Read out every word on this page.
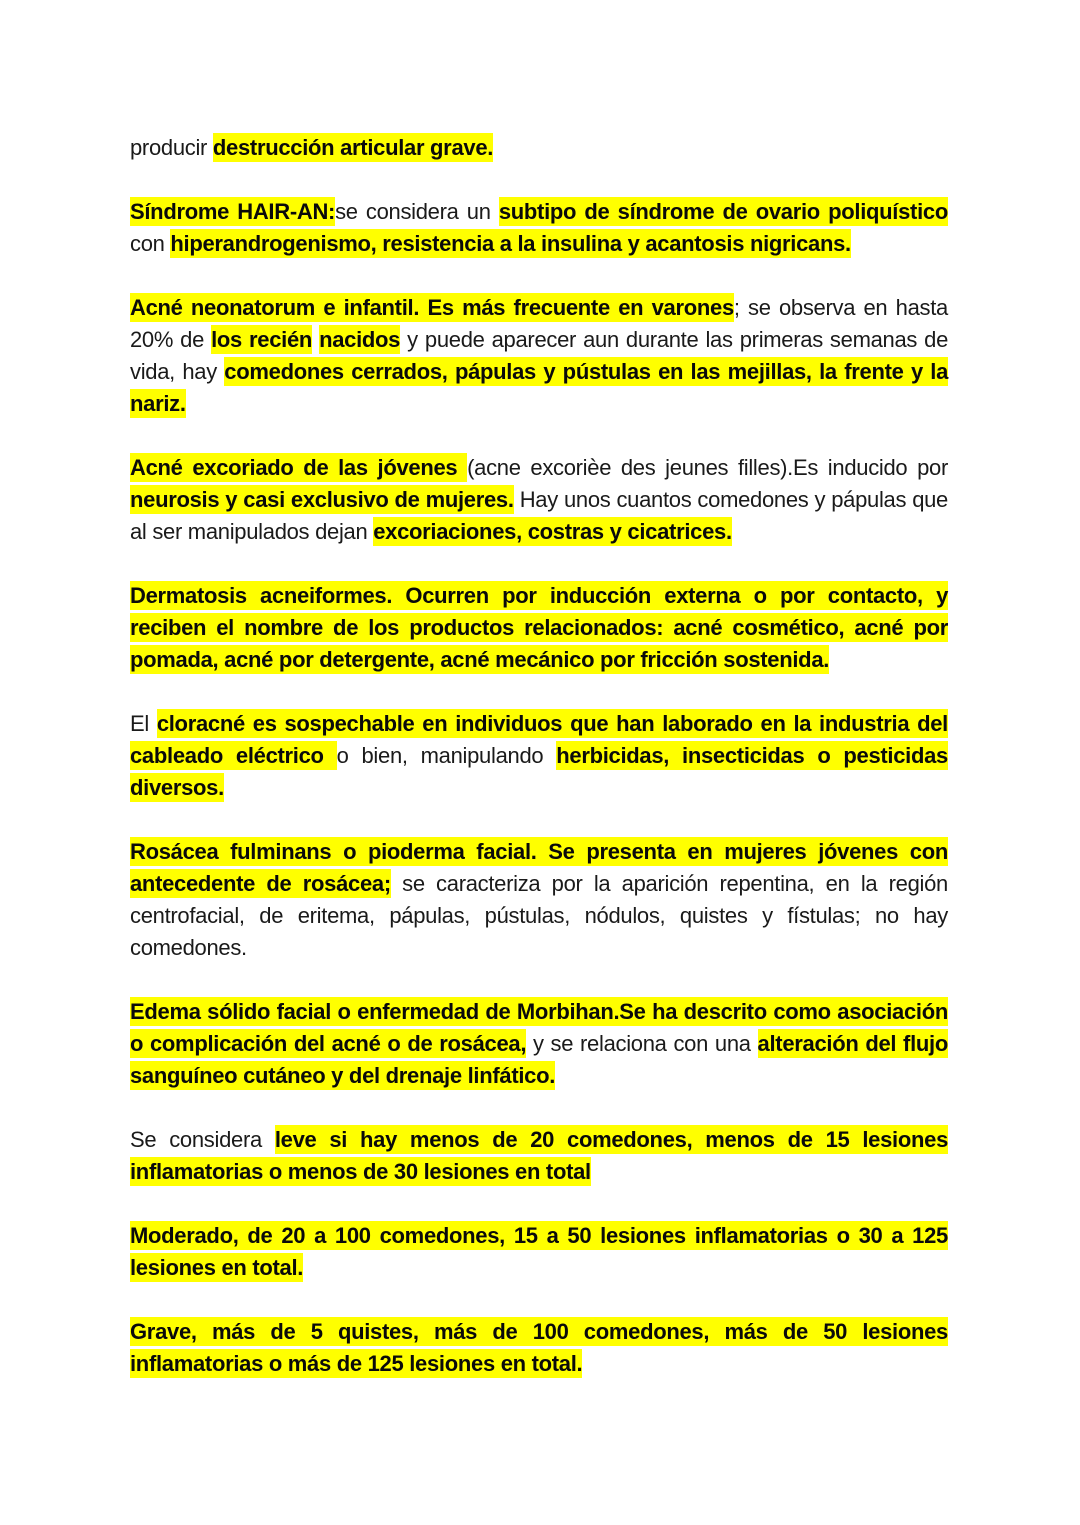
producir destrucción articular grave.

Síndrome HAIR-AN:se considera un subtipo de síndrome de ovario poliquístico con hiperandrogenismo, resistencia a la insulina y acantosis nigricans.

Acné neonatorum e infantil. Es más frecuente en varones; se observa en hasta 20% de los recién nacidos y puede aparecer aun durante las primeras semanas de vida, hay comedones cerrados, pápulas y pústulas en las mejillas, la frente y la nariz.

Acné excoriado de las jóvenes (acne excorièe des jeunes filles).Es inducido por neurosis y casi exclusivo de mujeres. Hay unos cuantos comedones y pápulas que al ser manipulados dejan excoriaciones, costras y cicatrices.

Dermatosis acneiformes. Ocurren por inducción externa o por contacto, y reciben el nombre de los productos relacionados: acné cosmético, acné por pomada, acné por detergente, acné mecánico por fricción sostenida.

El cloracné es sospechable en individuos que han laborado en la industria del cableado eléctrico o bien, manipulando herbicidas, insecticidas o pesticidas diversos.

Rosácea fulminans o pioderma facial. Se presenta en mujeres jóvenes con antecedente de rosácea; se caracteriza por la aparición repentina, en la región centrofacial, de eritema, pápulas, pústulas, nódulos, quistes y fístulas; no hay comedones.

Edema sólido facial o enfermedad de Morbihan.Se ha descrito como asociación o complicación del acné o de rosácea, y se relaciona con una alteración del flujo sanguíneo cutáneo y del drenaje linfático.

Se considera leve si hay menos de 20 comedones, menos de 15 lesiones inflamatorias o menos de 30 lesiones en total

Moderado, de 20 a 100 comedones, 15 a 50 lesiones inflamatorias o 30 a 125 lesiones en total.

Grave, más de 5 quistes, más de 100 comedones, más de 50 lesiones inflamatorias o más de 125 lesiones en total.
